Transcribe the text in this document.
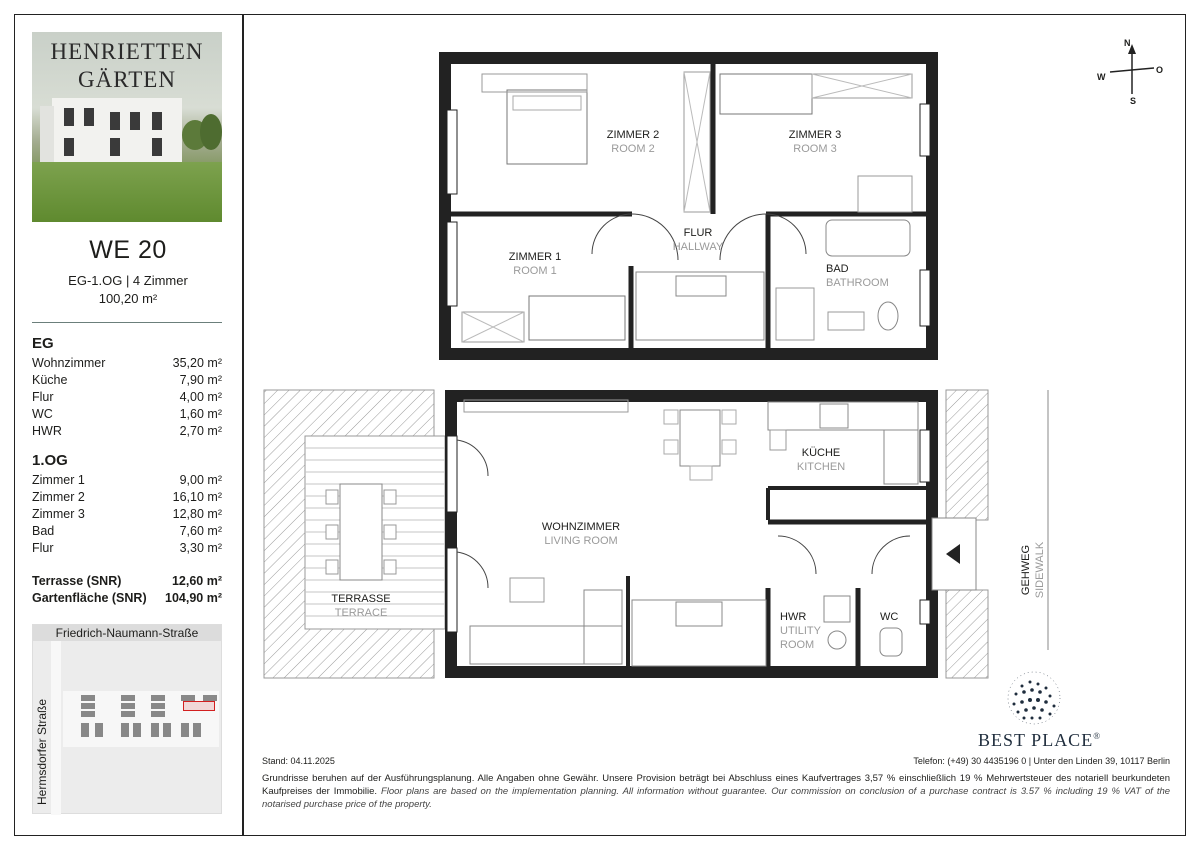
HENRIETTEN
GÄRTEN
WE 20
EG-1.OG | 4 Zimmer
100,20 m²
EG
Wohnzimmer	35,20 m²
Küche	7,90 m²
Flur	4,00 m²
WC	1,60 m²
HWR	2,70 m²
1.OG
Zimmer 1	9,00 m²
Zimmer 2	16,10 m²
Zimmer 3	12,80 m²
Bad	7,60 m²
Flur	3,30 m²
Terrasse (SNR)	12,60 m²
Gartenfläche (SNR) 104,90 m²
Friedrich-Naumann-Straße
Hermsdorfer Straße
N
O
S
W
ZIMMER 2
ROOM 2
ZIMMER 3
ROOM 3
ZIMMER 1
ROOM 1
FLUR
HALLWAY
BAD
BATHROOM
WOHNZIMMER
LIVING ROOM
KÜCHE
KITCHEN
TERRASSE
TERRACE	HWR
UTILITY
ROOM
WC
GEHWEG SIDEWALK
BEST PLACE®
Stand: 04.11.2025	Telefon: (+49) 30 4435196 0 | Unter den Linden 39, 10117 Berlin
Grundrisse beruhen auf der Ausführungsplanung. Alle Angaben ohne Gewähr. Unsere Provision beträgt bei Abschluss eines Kaufvertrages 3,57 % einschließlich 19 % Mehrwertsteuer des notariell beurkundeten Kaufpreises der Immobilie. Floor plans are based on the implementation planning. All information without guarantee. Our commission on conclusion of a purchase contract is 3.57 % including 19 % VAT of the notarised purchase price of the property.
